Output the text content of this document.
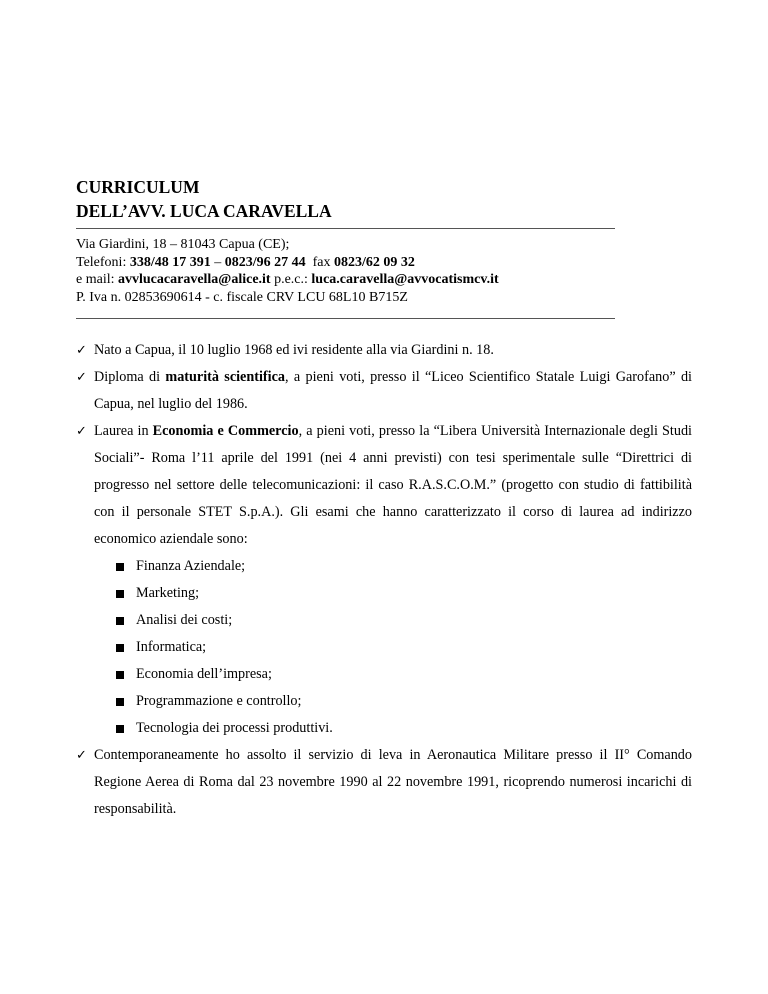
CURRICULUM
DELL’AVV. LUCA CARAVELLA
Via Giardini, 18 – 81043 Capua (CE);
Telefoni: 338/48 17 391 – 0823/96 27 44  fax 0823/62 09 32
e mail: avvlucacaravella@alice.it p.e.c.: luca.caravella@avvocatismcv.it
P. Iva n. 02853690614 - c. fiscale CRV LCU 68L10 B715Z
✓ Nato a Capua, il 10 luglio 1968 ed ivi residente alla via Giardini n. 18.
✓ Diploma di maturità scientifica, a pieni voti, presso il “Liceo Scientifico Statale Luigi Garofano” di Capua, nel luglio del 1986.
✓ Laurea in Economia e Commercio, a pieni voti, presso la “Libera Università Internazionale degli Studi Sociali”- Roma l’11 aprile del 1991 (nei 4 anni previsti) con tesi sperimentale sulle “Direttrici di progresso nel settore delle telecomunicazioni: il caso R.A.S.C.O.M.” (progetto con studio di fattibilità con il personale STET S.p.A.). Gli esami che hanno caratterizzato il corso di laurea ad indirizzo economico aziendale sono:
Finanza Aziendale;
Marketing;
Analisi dei costi;
Informatica;
Economia dell’impresa;
Programmazione e controllo;
Tecnologia dei processi produttivi.
✓ Contemporaneamente ho assolto il servizio di leva in Aeronautica Militare presso il II° Comando Regione Aerea di Roma dal 23 novembre 1990 al 22 novembre 1991, ricoprendo numerosi incarichi di responsabilità.
